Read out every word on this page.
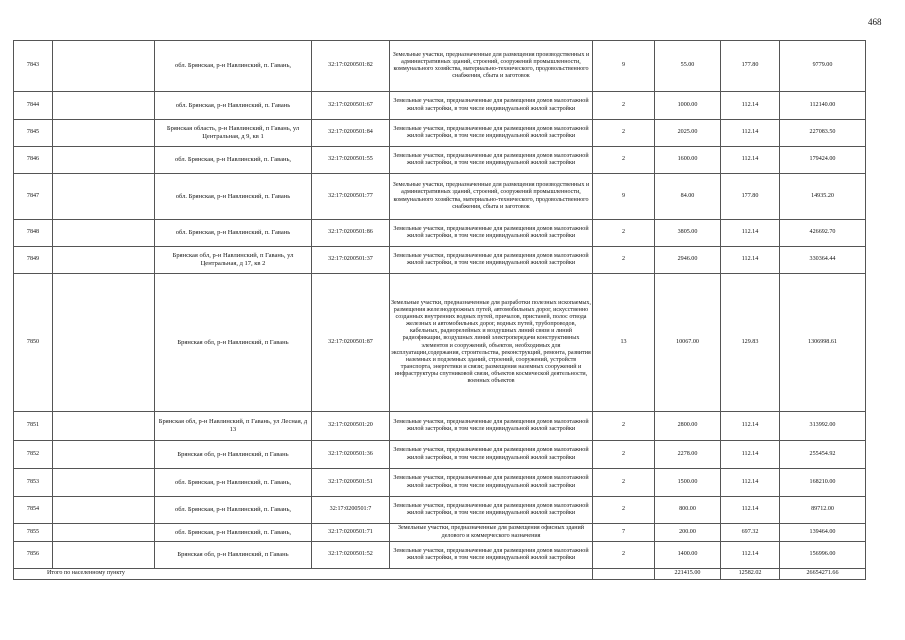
468
7843		обл. Брянская, р-н Навлинский, п. Гавань,	32:17:0200501:82	Земельные участки, предназначенные для размещения производственных и административных зданий, строений, сооружений промышленности, коммунального хозяйства, материально-технического, продовольственного снабжения, сбыта и заготовок	9	55.00	177.80	9779.00
7844		обл. Брянская, р-н Навлинский, п. Гавань	32:17:0200501:67	Земельные участки, предназначенные для размещения домов малоэтажной жилой застройки, в том числе индивидуальной жилой застройки	2	1000.00	112.14	112140.00
7845		Брянская область, р-н Навлинский, п Гавань, ул Центральная, д 9, кв 1	32:17:0200501:84	Земельные участки, предназначенные для размещения домов малоэтажной жилой застройки, в том числе индивидуальной жилой застройки	2	2025.00	112.14	227083.50
7846		обл. Брянская, р-н Навлинский, п. Гавань,	32:17:0200501:55	Земельные участки, предназначенные для размещения домов малоэтажной жилой застройки, в том числе индивидуальной жилой застройки	2	1600.00	112.14	179424.00
7847		обл. Брянская, р-н Навлинский, п. Гавань	32:17:0200501:77	Земельные участки, предназначенные для размещения производственных и административных зданий, строений, сооружений промышленности, коммунального хозяйства, материально-технического, продовольственного снабжения, сбыта и заготовок	9	84.00	177.80	14935.20
7848		обл. Брянская, р-н Навлинский, п. Гавань	32:17:0200501:86	Земельные участки, предназначенные для размещения домов малоэтажной жилой застройки, в том числе индивидуальной жилой застройки	2	3805.00	112.14	426692.70
7849		Брянская обл, р-н Навлинский, п Гавань, ул Центральная, д 17, кв 2	32:17:0200501:37	Земельные участки, предназначенные для размещения домов малоэтажной жилой застройки, в том числе индивидуальной жилой застройки	2	2946.00	112.14	330364.44
7850		Брянская обл, р-н Навлинский, п Гавань	32:17:0200501:87	Земельные участки, предназначенные для разработки полезных ископаемых, размещения железнодорожных путей, автомобильных дорог, искусственно созданных внутренних водных путей, причалов, пристаней, полос отвода железных и автомобильных дорог, водных путей, трубопроводов, кабельных, радиорелейных и воздушных линий связи и линий радиофикации, воздушных линий электропередачи конструктивных элементов и сооружений, объектов, необходимых для эксплуатации,содержания, строительства, реконструкций, ремонта, развития наземных и подземных зданий, строений, сооружений, устройств транспорта, энергетики и связи; размещения наземных сооружений и инфраструктуры спутниковой связи, объектов космической деятельности, военных объектов	13	10067.00	129.83	1306998.61
7851		Брянская обл, р-н Навлинский, п Гавань, ул Лесная, д 13	32:17:0200501:20	Земельные участки, предназначенные для размещения домов малоэтажной жилой застройки, в том числе индивидуальной жилой застройки	2	2800.00	112.14	313992.00
7852		Брянская обл, р-н Навлинский, п Гавань	32:17:0200501:36	Земельные участки, предназначенные для размещения домов малоэтажной жилой застройки, в том числе индивидуальной жилой застройки	2	2278.00	112.14	255454.92
7853		обл. Брянская, р-н Навлинский, п. Гавань,	32:17:0200501:51	Земельные участки, предназначенные для размещения домов малоэтажной жилой застройки, в том числе индивидуальной жилой застройки	2	1500.00	112.14	168210.00
7854		обл. Брянская, р-н Навлинский, п. Гавань,	32:17:0200501:7	Земельные участки, предназначенные для размещения домов малоэтажной жилой застройки, в том числе индивидуальной жилой застройки	2	800.00	112.14	89712.00
7855		обл. Брянская, р-н Навлинский, п. Гавань,	32:17:0200501:71	Земельные участки, предназначенные для размещения офисных зданий делового и коммерческого назначения	7	200.00	697.32	139464.00
7856		Брянская обл, р-н Навлинский, п Гавань	32:17:0200501:52	Земельные участки, предназначенные для размещения домов малоэтажной жилой застройки, в том числе индивидуальной жилой застройки	2	1400.00	112.14	156996.00
Итого по населенному пункту						221415.00	12582.02	26654271.66
